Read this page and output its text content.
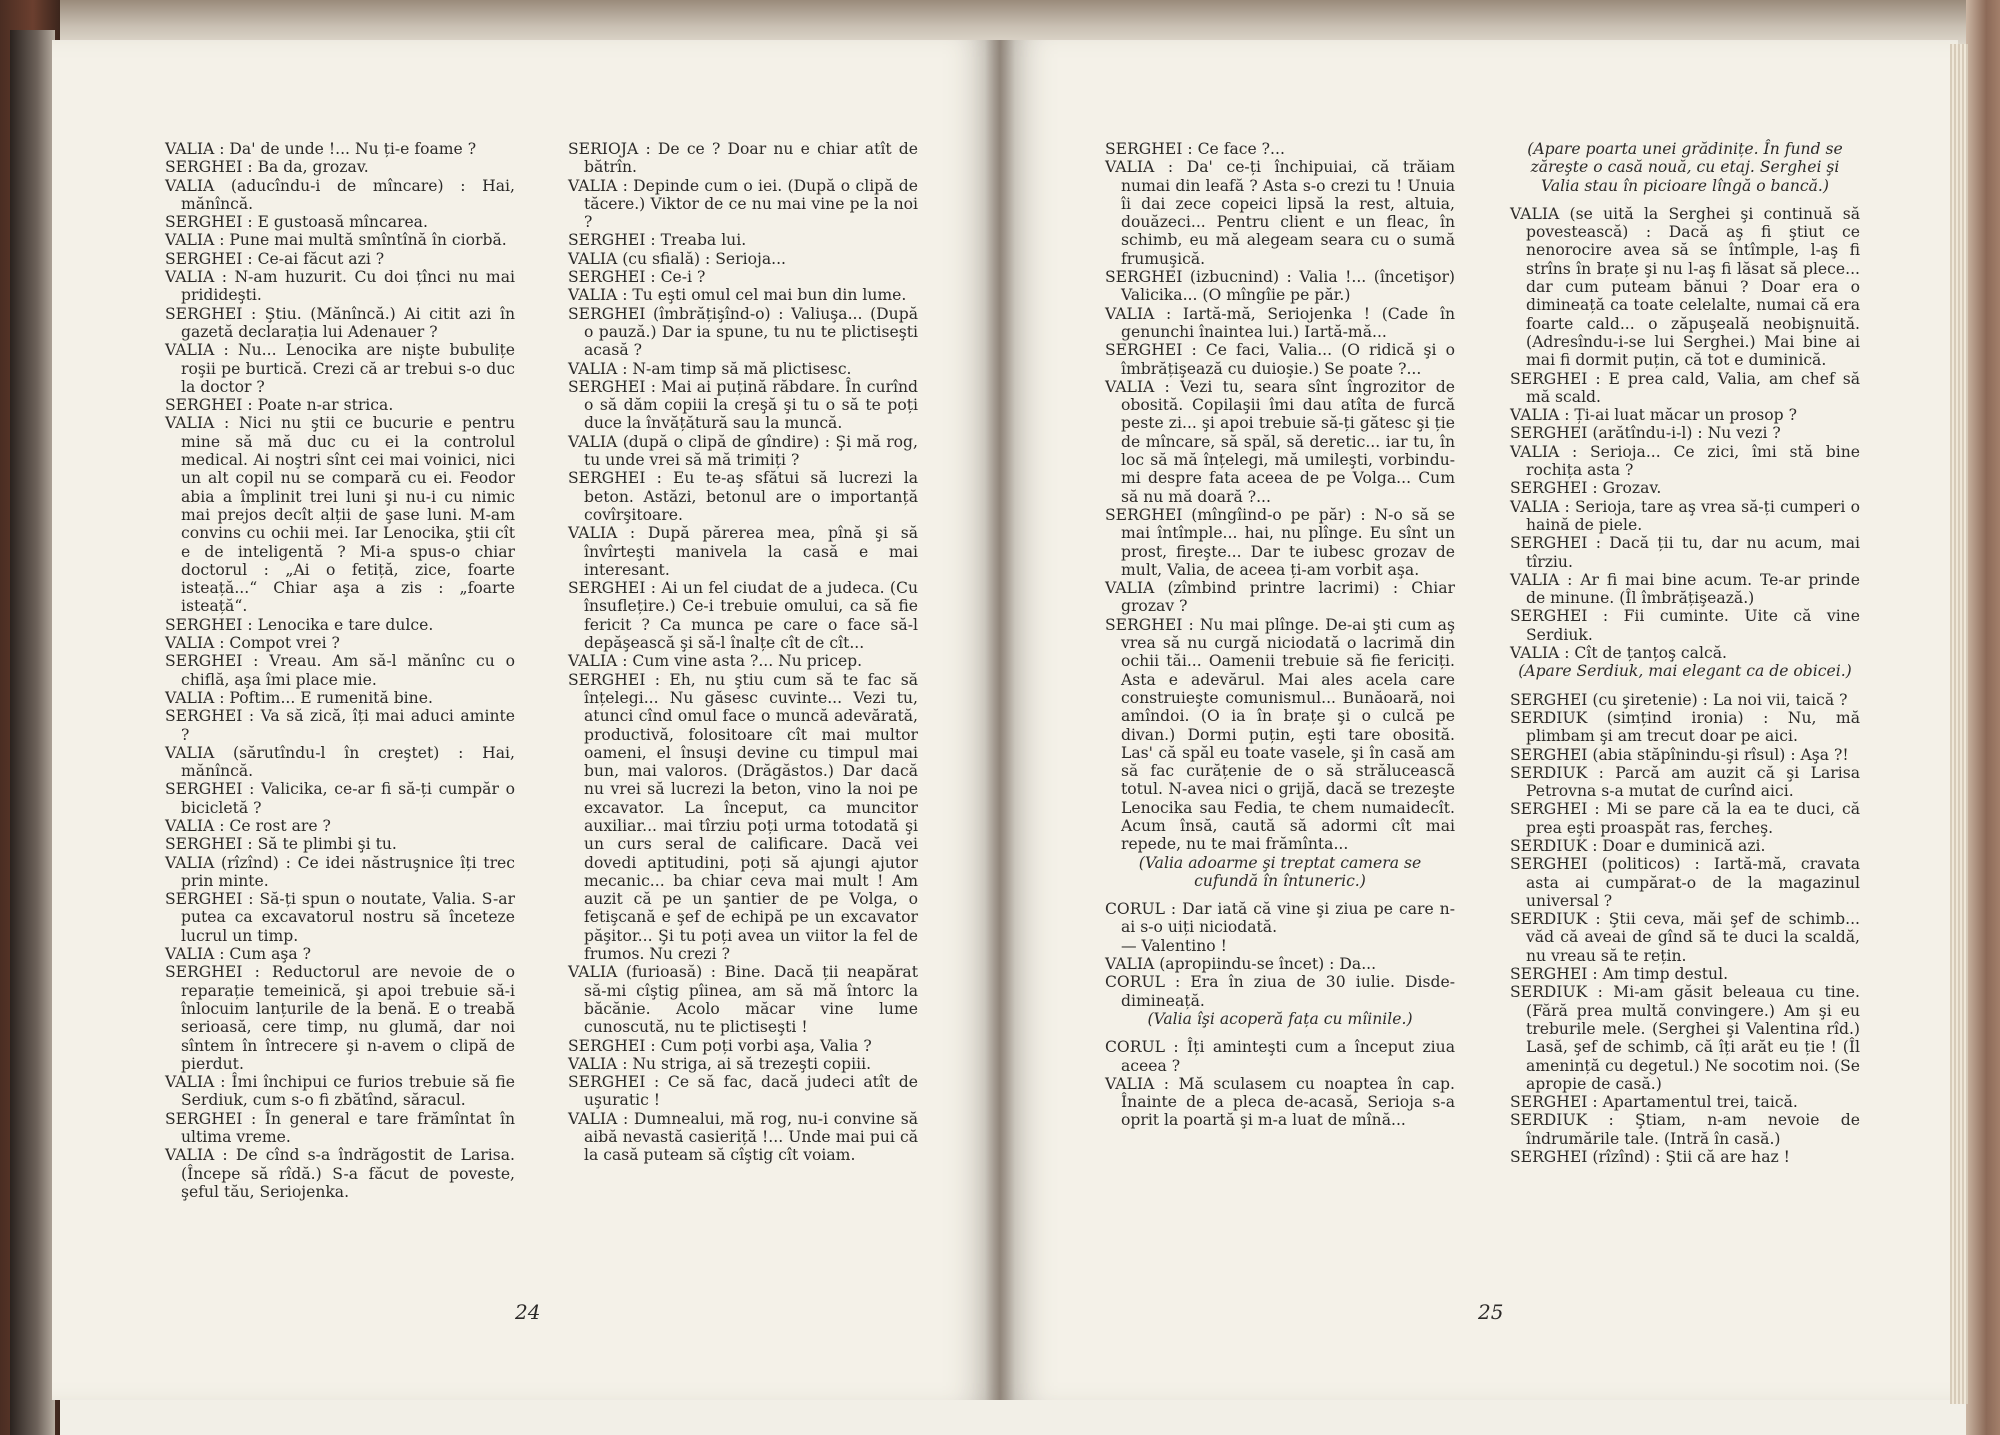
VALIA : Da' de unde !... Nu ți-e foame ?

SERGHEI : Ba da, grozav.

VALIA (aducîndu-i de mîncare) : Hai, mănîncă.

SERGHEI : E gustoasă mîncarea.

VALIA : Pune mai multă smîntînă în ciorbă.

SERGHEI : Ce-ai făcut azi ?

VALIA : N-am huzurit. Cu doi țînci nu mai pridideşti.

SERGHEI : Ştiu. (Mănîncă.) Ai citit azi în gazetă declarația lui Adenauer ?

VALIA : Nu... Lenocika are nişte bubulițe roşii pe burtică. Crezi că ar trebui s-o duc la doctor ?

SERGHEI : Poate n-ar strica.

VALIA : Nici nu ştii ce bucurie e pentru mine să mă duc cu ei la controlul medical. Ai noştri sînt cei mai voinici, nici un alt copil nu se compară cu ei. Feodor abia a împlinit trei luni şi nu-i cu nimic mai prejos decît alții de şase luni. M-am convins cu ochii mei. Iar Lenocika, ştii cît e de inteligentă ? Mi-a spus-o chiar doctorul : „Ai o fetiță, zice, foarte isteață...“ Chiar aşa a zis : „foarte isteață“.

SERGHEI : Lenocika e tare dulce.

VALIA : Compot vrei ?

SERGHEI : Vreau. Am să-l mănînc cu o chiflă, aşa îmi place mie.

VALIA : Poftim... E rumenită bine.

SERGHEI : Va să zică, îți mai aduci aminte ?

VALIA (sărutîndu-l în creştet) : Hai, mănîncă.

SERGHEI : Valicika, ce-ar fi să-ți cumpăr o bicicletă ?

VALIA : Ce rost are ?

SERGHEI : Să te plimbi şi tu.

VALIA (rîzînd) : Ce idei năstruşnice îți trec prin minte.

SERGHEI : Să-ți spun o noutate, Valia. S-ar putea ca excavatorul nostru să înceteze lucrul un timp.

VALIA : Cum aşa ?

SERGHEI : Reductorul are nevoie de o reparație temeinică, şi apoi trebuie să-i înlocuim lanțurile de la benă. E o treabă serioasă, cere timp, nu glumă, dar noi sîntem în întrecere şi n-avem o clipă de pierdut.

VALIA : Îmi închipui ce furios trebuie să fie Serdiuk, cum s-o fi zbătînd, săracul.

SERGHEI : În general e tare frămîntat în ultima vreme.

VALIA : De cînd s-a îndrăgostit de Larisa. (Începe să rîdă.) S-a făcut de poveste, şeful tău, Seriojenka.

SERIOJA : De ce ? Doar nu e chiar atît de bătrîn.

VALIA : Depinde cum o iei. (După o clipă de tăcere.) Viktor de ce nu mai vine pe la noi ?

SERGHEI : Treaba lui.

VALIA (cu sfială) : Serioja...

SERGHEI : Ce-i ?

VALIA : Tu eşti omul cel mai bun din lume.

SERGHEI (îmbrățişînd-o) : Valiuşa... (După o pauză.) Dar ia spune, tu nu te plictiseşti acasă ?

VALIA : N-am timp să mă plictisesc.

SERGHEI : Mai ai puțină răbdare. În curînd o să dăm copiii la creşă şi tu o să te poți duce la învățătură sau la muncă.

VALIA (după o clipă de gîndire) : Şi mă rog, tu unde vrei să mă trimiți ?

SERGHEI : Eu te-aş sfătui să lucrezi la beton. Astăzi, betonul are o importanță covîrşitoare.

VALIA : După părerea mea, pînă şi să învîrteşti manivela la casă e mai interesant.

SERGHEI : Ai un fel ciudat de a judeca. (Cu însuflețire.) Ce-i trebuie omului, ca să fie fericit ? Ca munca pe care o face să-l depăşească şi să-l înalțe cît de cît...

VALIA : Cum vine asta ?... Nu pricep.

SERGHEI : Eh, nu ştiu cum să te fac să înțelegi... Nu găsesc cuvinte... Vezi tu, atunci cînd omul face o muncă adevărată, productivă, folositoare cît mai multor oameni, el însuşi devine cu timpul mai bun, mai valoros. (Drăgăstos.) Dar dacă nu vrei să lucrezi la beton, vino la noi pe excavator. La început, ca muncitor auxiliar... mai tîrziu poți urma totodată şi un curs seral de calificare. Dacă vei dovedi aptitudini, poți să ajungi ajutor mecanic... ba chiar ceva mai mult ! Am auzit că pe un şantier de pe Volga, o fetişcană e şef de echipă pe un excavator păşitor... Şi tu poți avea un viitor la fel de frumos. Nu crezi ?

VALIA (furioasă) : Bine. Dacă ții neapărat să-mi cîştig pîinea, am să mă întorc la băcănie. Acolo măcar vine lume cunoscută, nu te plictiseşti !

SERGHEI : Cum poți vorbi aşa, Valia ?

VALIA : Nu striga, ai să trezeşti copiii.

SERGHEI : Ce să fac, dacă judeci atît de uşuratic !

VALIA : Dumnealui, mă rog, nu-i convine să aibă nevastă casieriță !... Unde mai pui că la casă puteam să cîştig cît voiam.

SERGHEI : Ce face ?...

VALIA : Da' ce-ți închipuiai, că trăiam numai din leafă ? Asta s-o crezi tu ! Unuia îi dai zece copeici lipsă la rest, altuia, douăzeci... Pentru client e un fleac, în schimb, eu mă alegeam seara cu o sumă frumuşică.

SERGHEI (izbucnind) : Valia !... (încetişor) Valicika... (O mîngîie pe păr.)

VALIA : Iartă-mă, Seriojenka ! (Cade în genunchi înaintea lui.) Iartă-mă...

SERGHEI : Ce faci, Valia... (O ridică şi o îmbrățişează cu duioşie.) Se poate ?...

VALIA : Vezi tu, seara sînt îngrozitor de obosită. Copilaşii îmi dau atîta de furcă peste zi... şi apoi trebuie să-ți gătesc şi ție de mîncare, să spăl, să deretic... iar tu, în loc să mă înțelegi, mă umileşti, vorbindu-mi despre fata aceea de pe Volga... Cum să nu mă doară ?...

SERGHEI (mîngîind-o pe păr) : N-o să se mai întîmple... hai, nu plînge. Eu sînt un prost, fireşte... Dar te iubesc grozav de mult, Valia, de aceea ți-am vorbit aşa.

VALIA (zîmbind printre lacrimi) : Chiar grozav ?

SERGHEI : Nu mai plînge. De-ai şti cum aş vrea să nu curgă niciodată o lacrimă din ochii tăi... Oamenii trebuie să fie fericiți. Asta e adevărul. Mai ales acela care construieşte comunismul... Bunăoară, noi amîndoi. (O ia în brațe şi o culcă pe divan.) Dormi puțin, eşti tare obosită. Las' că spăl eu toate vasele, şi în casă am să fac curățenie de o să străluceascã totul. N-avea nici o grijă, dacă se trezeşte Lenocika sau Fedia, te chem numaidecît. Acum însă, caută să adormi cît mai repede, nu te mai frămînta...

(Valia adoarme şi treptat camera se cufundă în întuneric.)

CORUL : Dar iată că vine şi ziua pe care n-ai s-o uiți niciodată.
— Valentino !

VALIA (apropiindu-se încet) : Da...

CORUL : Era în ziua de 30 iulie. Disde-dimineață.

(Valia îşi acoperă fața cu mîinile.)

CORUL : Îți aminteşti cum a început ziua aceea ?

VALIA : Mă sculasem cu noaptea în cap. Înainte de a pleca de-acasă, Serioja s-a oprit la poartă şi m-a luat de mînă...

(Apare poarta unei grădinițe. În fund se zăreşte o casă nouă, cu etaj. Serghei şi Valia stau în picioare lîngă o bancă.)

VALIA (se uită la Serghei şi continuă să povestească) : Dacă aş fi ştiut ce nenorocire avea să se întîmple, l-aş fi strîns în brațe şi nu l-aş fi lăsat să plece... dar cum puteam bănui ? Doar era o dimineață ca toate celelalte, numai că era foarte cald... o zăpuşeală neobişnuită. (Adresîndu-i-se lui Serghei.) Mai bine ai mai fi dormit puțin, că tot e duminică.

SERGHEI : E prea cald, Valia, am chef să mă scald.

VALIA : Ți-ai luat măcar un prosop ?

SERGHEI (arătîndu-i-l) : Nu vezi ?

VALIA : Serioja... Ce zici, îmi stă bine rochița asta ?

SERGHEI : Grozav.

VALIA : Serioja, tare aş vrea să-ți cumperi o haină de piele.

SERGHEI : Dacă ții tu, dar nu acum, mai tîrziu.

VALIA : Ar fi mai bine acum. Te-ar prinde de minune. (Îl îmbrățişează.)

SERGHEI : Fii cuminte. Uite că vine Serdiuk.

VALIA : Cît de țanțoş calcă.

(Apare Serdiuk, mai elegant ca de obicei.)

SERGHEI (cu şiretenie) : La noi vii, taică ?

SERDIUK (simțind ironia) : Nu, mă plimbam şi am trecut doar pe aici.

SERGHEI (abia stăpînindu-şi rîsul) : Aşa ?!

SERDIUK : Parcă am auzit că şi Larisa Petrovna s-a mutat de curînd aici.

SERGHEI : Mi se pare că la ea te duci, că prea eşti proaspăt ras, fercheş.

SERDIUK : Doar e duminică azi.

SERGHEI (politicos) : Iartă-mă, cravata asta ai cumpărat-o de la magazinul universal ?

SERDIUK : Ştii ceva, măi şef de schimb... văd că aveai de gînd să te duci la scaldă, nu vreau să te rețin.

SERGHEI : Am timp destul.

SERDIUK : Mi-am găsit beleaua cu tine. (Fără prea multă convingere.) Am şi eu treburile mele. (Serghei şi Valentina rîd.) Lasă, şef de schimb, că îți arăt eu ție ! (Îl amenință cu degetul.) Ne socotim noi. (Se apropie de casă.)

SERGHEI : Apartamentul trei, taică.

SERDIUK : Ştiam, n-am nevoie de îndrumările tale. (Intră în casă.)

SERGHEI (rîzînd) : Ştii că are haz !

24	25
